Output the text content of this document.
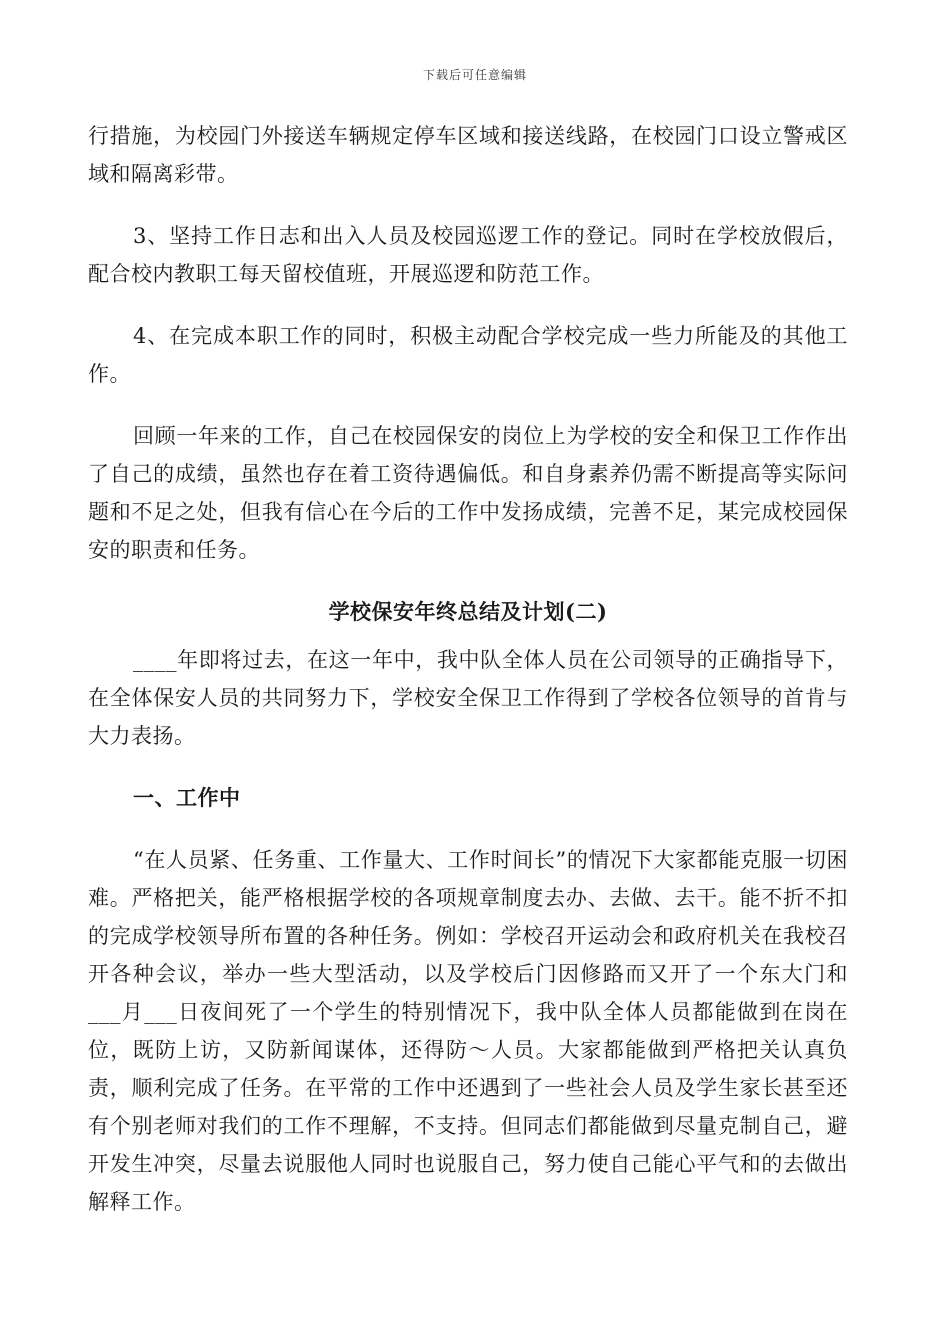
下载后可任意编辑

行措施，为校园门外接送车辆规定停车区域和接送线路，在校园门口设立警戒区域和隔离彩带。

3、坚持工作日志和出入人员及校园巡逻工作的登记。同时在学校放假后，配合校内教职工每天留校值班，开展巡逻和防范工作。

4、在完成本职工作的同时，积极主动配合学校完成一些力所能及的其他工作。

回顾一年来的工作，自己在校园保安的岗位上为学校的安全和保卫工作作出了自己的成绩，虽然也存在着工资待遇偏低。和自身素养仍需不断提高等实际问题和不足之处，但我有信心在今后的工作中发扬成绩，完善不足，某完成校园保安的职责和任务。

学校保安年终总结及计划(二)

____年即将过去，在这一年中，我中队全体人员在公司领导的正确指导下，在全体保安人员的共同努力下，学校安全保卫工作得到了学校各位领导的首肯与大力表扬。

一、工作中

“在人员紧、任务重、工作量大、工作时间长”的情况下大家都能克服一切困难。严格把关，能严格根据学校的各项规章制度去办、去做、去干。能不折不扣的完成学校领导所布置的各种任务。例如：学校召开运动会和政府机关在我校召开各种会议，举办一些大型活动，以及学校后门因修路而又开了一个东大门和___月___日夜间死了一个学生的特别情况下，我中队全体人员都能做到在岗在位，既防上访，又防新闻谋体，还得防～人员。大家都能做到严格把关认真负责，顺利完成了任务。在平常的工作中还遇到了一些社会人员及学生家长甚至还有个别老师对我们的工作不理解，不支持。但同志们都能做到尽量克制自己，避开发生冲突，尽量去说服他人同时也说服自己，努力使自己能心平气和的去做出解释工作。
